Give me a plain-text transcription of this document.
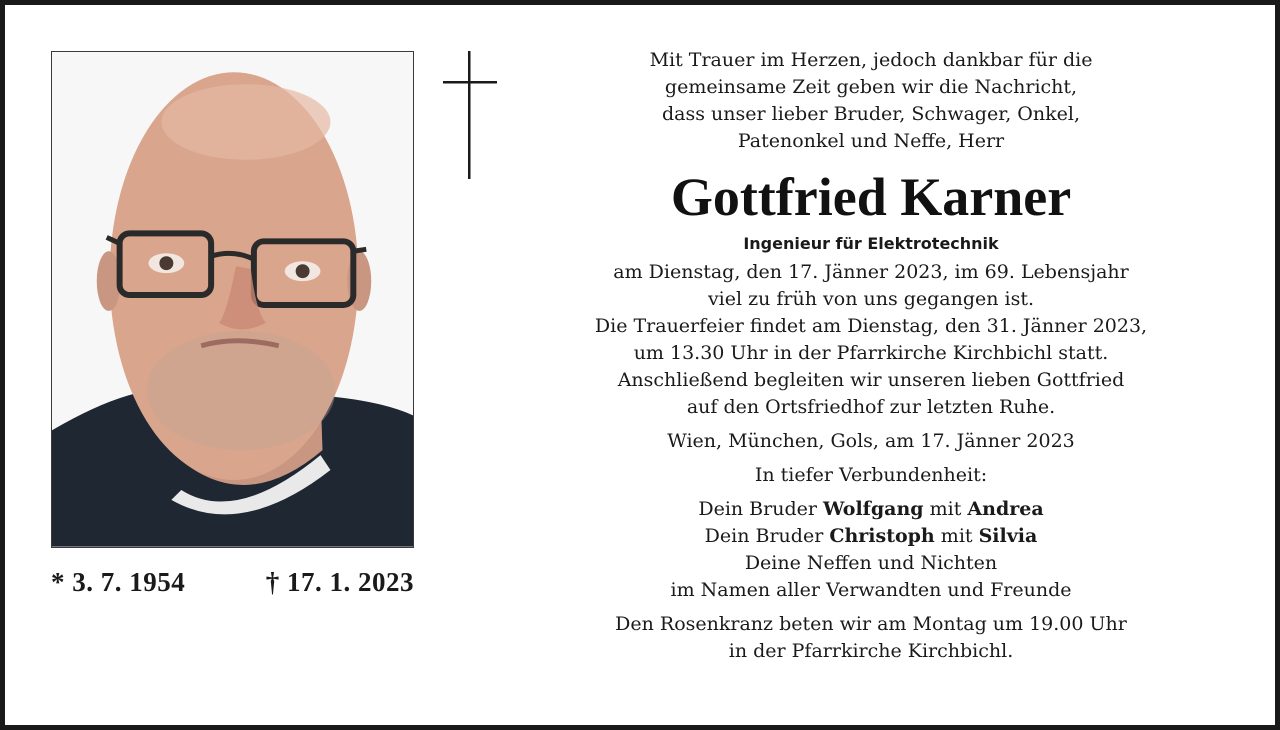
* 3. 7. 1954	† 17. 1. 2023
Mit Trauer im Herzen, jedoch dankbar für die
gemeinsame Zeit geben wir die Nachricht,
dass unser lieber Bruder, Schwager, Onkel,
Patenonkel und Neffe, Herr
Gottfried Karner
Ingenieur für Elektrotechnik
am Dienstag, den 17. Jänner 2023, im 69. Lebensjahr
viel zu früh von uns gegangen ist.
Die Trauerfeier findet am Dienstag, den 31. Jänner 2023,
um 13.30 Uhr in der Pfarrkirche Kirchbichl statt.
Anschließend begleiten wir unseren lieben Gottfried
auf den Ortsfriedhof zur letzten Ruhe.
Wien, München, Gols, am 17. Jänner 2023
In tiefer Verbundenheit:
Dein Bruder Wolfgang mit Andrea
Dein Bruder Christoph mit Silvia
Deine Neffen und Nichten
im Namen aller Verwandten und Freunde
Den Rosenkranz beten wir am Montag um 19.00 Uhr
in der Pfarrkirche Kirchbichl.
